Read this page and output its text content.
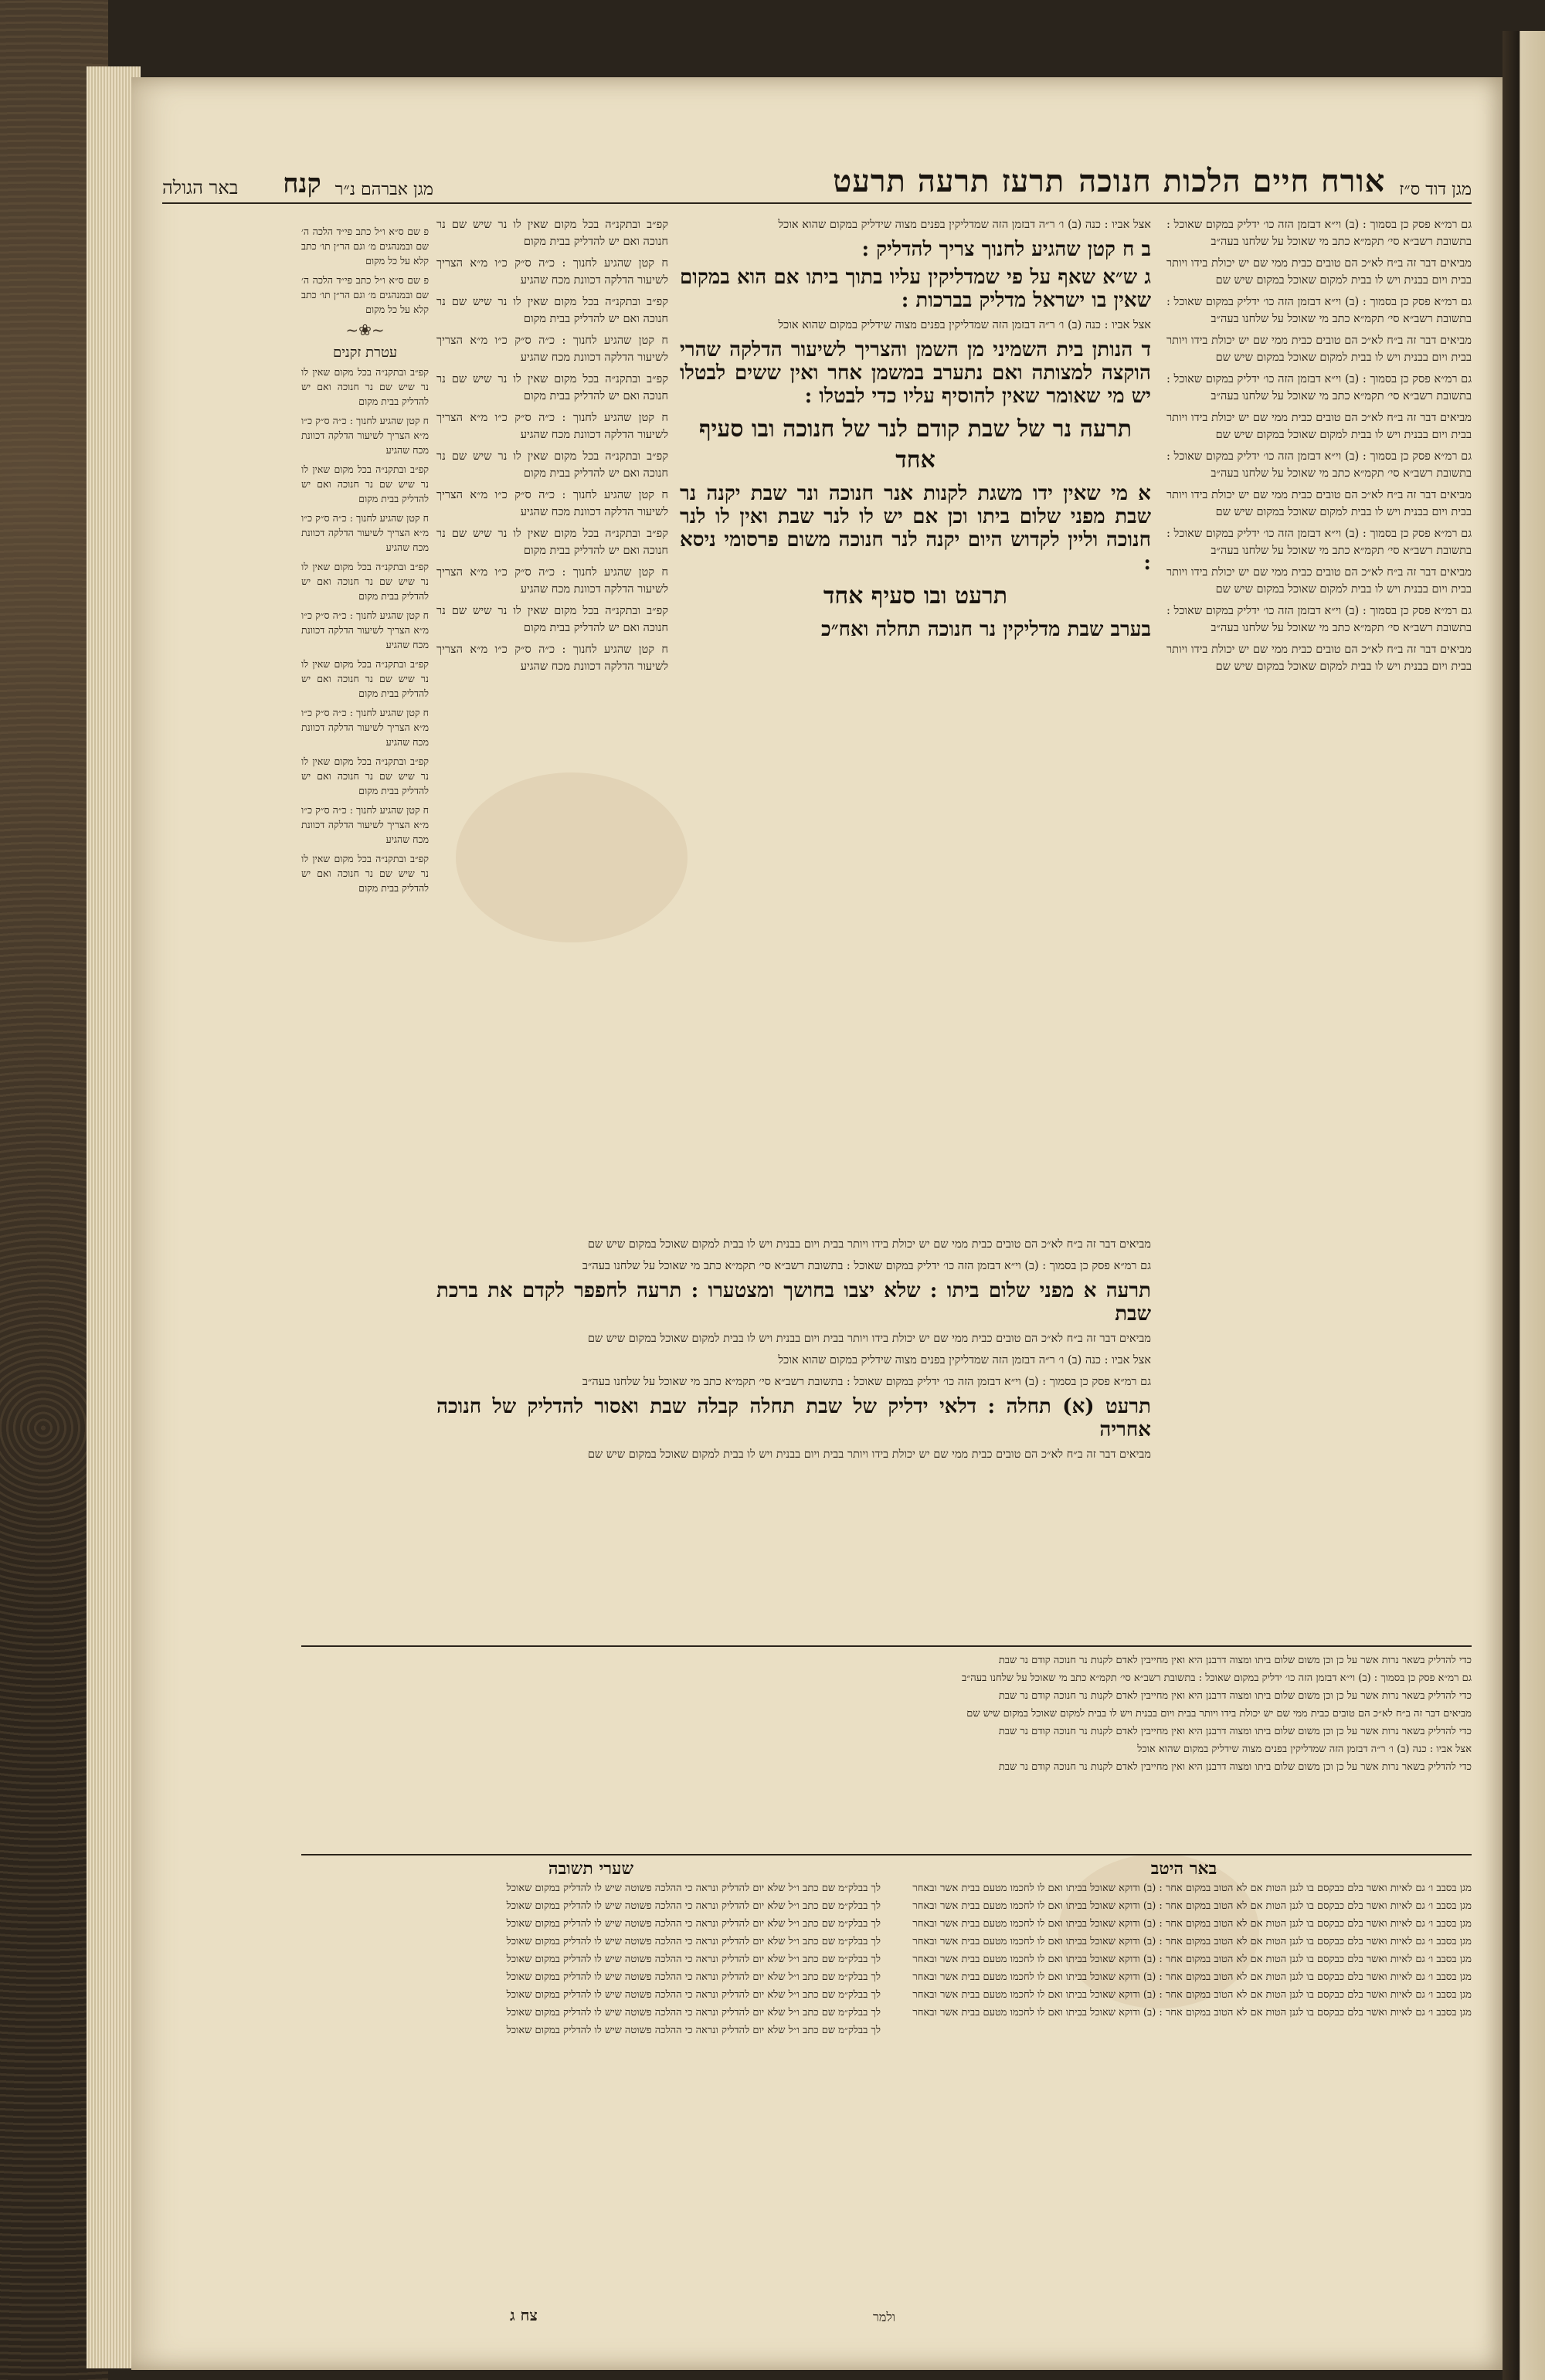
מגן דוד ס״ז
אורח חיים הלכות חנוכה
תרעז תרעה תרעט
מגן אברהם נ״ר
קנח
באר הגולה

גם רמ״א פסק כן בסמוך : (ב) וי״א דבזמן הזה כו׳ ידליק במקום שאוכל : בתשובת רשב״א סי׳ תקמ״א כתב מי שאוכל על שלחנו בעה״ב

מביאים דבר זה ב״ח לא״כ הם טובים כבית ממי שם יש יכולת בידו ויותר בבית ויום בבנית ויש לו בבית למקום שאוכל במקום שיש שם

גם רמ״א פסק כן בסמוך : (ב) וי״א דבזמן הזה כו׳ ידליק במקום שאוכל : בתשובת רשב״א סי׳ תקמ״א כתב מי שאוכל על שלחנו בעה״ב

מביאים דבר זה ב״ח לא״כ הם טובים כבית ממי שם יש יכולת בידו ויותר בבית ויום בבנית ויש לו בבית למקום שאוכל במקום שיש שם

גם רמ״א פסק כן בסמוך : (ב) וי״א דבזמן הזה כו׳ ידליק במקום שאוכל : בתשובת רשב״א סי׳ תקמ״א כתב מי שאוכל על שלחנו בעה״ב

מביאים דבר זה ב״ח לא״כ הם טובים כבית ממי שם יש יכולת בידו ויותר בבית ויום בבנית ויש לו בבית למקום שאוכל במקום שיש שם

גם רמ״א פסק כן בסמוך : (ב) וי״א דבזמן הזה כו׳ ידליק במקום שאוכל : בתשובת רשב״א סי׳ תקמ״א כתב מי שאוכל על שלחנו בעה״ב

מביאים דבר זה ב״ח לא״כ הם טובים כבית ממי שם יש יכולת בידו ויותר בבית ויום בבנית ויש לו בבית למקום שאוכל במקום שיש שם

גם רמ״א פסק כן בסמוך : (ב) וי״א דבזמן הזה כו׳ ידליק במקום שאוכל : בתשובת רשב״א סי׳ תקמ״א כתב מי שאוכל על שלחנו בעה״ב

מביאים דבר זה ב״ח לא״כ הם טובים כבית ממי שם יש יכולת בידו ויותר בבית ויום בבנית ויש לו בבית למקום שאוכל במקום שיש שם

גם רמ״א פסק כן בסמוך : (ב) וי״א דבזמן הזה כו׳ ידליק במקום שאוכל : בתשובת רשב״א סי׳ תקמ״א כתב מי שאוכל על שלחנו בעה״ב

מביאים דבר זה ב״ח לא״כ הם טובים כבית ממי שם יש יכולת בידו ויותר בבית ויום בבנית ויש לו בבית למקום שאוכל במקום שיש שם

אצל אביו : כנה (ב) ו׳ ר״ה דבזמן הזה שמדליקין בפנים מצוה שידליק במקום שהוא אוכל

ב ח קטן שהגיע לחנוך צריך להדליק :

ג ש״א שאף על פי שמדליקין עליו בתוך ביתו אם הוא במקום שאין בו ישראל מדליק בברכות :

אצל אביו : כנה (ב) ו׳ ר״ה דבזמן הזה שמדליקין בפנים מצוה שידליק במקום שהוא אוכל

ד הנותן בית השמיני מן השמן והצריך לשיעור הדלקה שהרי הוקצה למצותה ואם נתערב במשמן אחר ואין ששים לבטלו יש מי שאומר שאין להוסיף עליו כדי לבטלו :

תרעה נר של שבת קודם לנר של חנוכה ובו סעיף אחד

א מי שאין ידו משגת לקנות אנר חנוכה ונר שבת יקנה נר שבת מפני שלום ביתו וכן אם יש לו לנר שבת ואין לו לנר חנוכה וליין לקדוש היום יקנה לנר חנוכה משום פרסומי ניסא :

תרעט ובו סעיף אחד

בערב שבת מדליקין נר חנוכה תחלה ואח״כ

קפ״ב ובתקנ״ה בכל מקום שאין לו נר שיש שם נר חנוכה ואם יש להדליק בבית מקום

ח קטן שהגיע לחנוך : כ״ה ס״ק כ״ו מ״א הצריך לשיעור הדלקה דכוונת מכח שהגיע

קפ״ב ובתקנ״ה בכל מקום שאין לו נר שיש שם נר חנוכה ואם יש להדליק בבית מקום

ח קטן שהגיע לחנוך : כ״ה ס״ק כ״ו מ״א הצריך לשיעור הדלקה דכוונת מכח שהגיע

קפ״ב ובתקנ״ה בכל מקום שאין לו נר שיש שם נר חנוכה ואם יש להדליק בבית מקום

ח קטן שהגיע לחנוך : כ״ה ס״ק כ״ו מ״א הצריך לשיעור הדלקה דכוונת מכח שהגיע

קפ״ב ובתקנ״ה בכל מקום שאין לו נר שיש שם נר חנוכה ואם יש להדליק בבית מקום

ח קטן שהגיע לחנוך : כ״ה ס״ק כ״ו מ״א הצריך לשיעור הדלקה דכוונת מכח שהגיע

קפ״ב ובתקנ״ה בכל מקום שאין לו נר שיש שם נר חנוכה ואם יש להדליק בבית מקום

ח קטן שהגיע לחנוך : כ״ה ס״ק כ״ו מ״א הצריך לשיעור הדלקה דכוונת מכח שהגיע

קפ״ב ובתקנ״ה בכל מקום שאין לו נר שיש שם נר חנוכה ואם יש להדליק בבית מקום

ח קטן שהגיע לחנוך : כ״ה ס״ק כ״ו מ״א הצריך לשיעור הדלקה דכוונת מכח שהגיע

מביאים דבר זה ב״ח לא״כ הם טובים כבית ממי שם יש יכולת בידו ויותר בבית ויום בבנית ויש לו בבית למקום שאוכל במקום שיש שם

גם רמ״א פסק כן בסמוך : (ב) וי״א דבזמן הזה כו׳ ידליק במקום שאוכל : בתשובת רשב״א סי׳ תקמ״א כתב מי שאוכל על שלחנו בעה״ב

תרעה א מפני שלום ביתו : שלא יצבו בחושך ומצטערו : תרעה לחפפר לקדם את ברכת שבת

מביאים דבר זה ב״ח לא״כ הם טובים כבית ממי שם יש יכולת בידו ויותר בבית ויום בבנית ויש לו בבית למקום שאוכל במקום שיש שם

אצל אביו : כנה (ב) ו׳ ר״ה דבזמן הזה שמדליקין בפנים מצוה שידליק במקום שהוא אוכל

גם רמ״א פסק כן בסמוך : (ב) וי״א דבזמן הזה כו׳ ידליק במקום שאוכל : בתשובת רשב״א סי׳ תקמ״א כתב מי שאוכל על שלחנו בעה״ב

תרעט (א) תחלה : דלאי ידליק של שבת תחלה קבלה שבת ואסור להדליק של חנוכה אחריה

מביאים דבר זה ב״ח לא״כ הם טובים כבית ממי שם יש יכולת בידו ויותר בבית ויום בבנית ויש לו בבית למקום שאוכל במקום שיש שם

פ שם ס״א ו״ל כתב פי״ד הלכה ה׳ שם ובמנהגים מ׳ וגם הר״ן תו׳ כתב קלא על כל מקום

פ שם ס״א ו״ל כתב פי״ד הלכה ה׳ שם ובמנהגים מ׳ וגם הר״ן תו׳ כתב קלא על כל מקום

~❀~
עטרת זקנים

קפ״ב ובתקנ״ה בכל מקום שאין לו נר שיש שם נר חנוכה ואם יש להדליק בבית מקום

ח קטן שהגיע לחנוך : כ״ה ס״ק כ״ו מ״א הצריך לשיעור הדלקה דכוונת מכח שהגיע

קפ״ב ובתקנ״ה בכל מקום שאין לו נר שיש שם נר חנוכה ואם יש להדליק בבית מקום

ח קטן שהגיע לחנוך : כ״ה ס״ק כ״ו מ״א הצריך לשיעור הדלקה דכוונת מכח שהגיע

קפ״ב ובתקנ״ה בכל מקום שאין לו נר שיש שם נר חנוכה ואם יש להדליק בבית מקום

ח קטן שהגיע לחנוך : כ״ה ס״ק כ״ו מ״א הצריך לשיעור הדלקה דכוונת מכח שהגיע

קפ״ב ובתקנ״ה בכל מקום שאין לו נר שיש שם נר חנוכה ואם יש להדליק בבית מקום

ח קטן שהגיע לחנוך : כ״ה ס״ק כ״ו מ״א הצריך לשיעור הדלקה דכוונת מכח שהגיע

קפ״ב ובתקנ״ה בכל מקום שאין לו נר שיש שם נר חנוכה ואם יש להדליק בבית מקום

ח קטן שהגיע לחנוך : כ״ה ס״ק כ״ו מ״א הצריך לשיעור הדלקה דכוונת מכח שהגיע

קפ״ב ובתקנ״ה בכל מקום שאין לו נר שיש שם נר חנוכה ואם יש להדליק בבית מקום

כדי להדליק בשאר נרות אשר על כן וכן משום שלום ביתו ומצוה דרבנן היא ואין מחייבין לאדם לקנות נר חנוכה קודם נר שבת

גם רמ״א פסק כן בסמוך : (ב) וי״א דבזמן הזה כו׳ ידליק במקום שאוכל : בתשובת רשב״א סי׳ תקמ״א כתב מי שאוכל על שלחנו בעה״ב

כדי להדליק בשאר נרות אשר על כן וכן משום שלום ביתו ומצוה דרבנן היא ואין מחייבין לאדם לקנות נר חנוכה קודם נר שבת

מביאים דבר זה ב״ח לא״כ הם טובים כבית ממי שם יש יכולת בידו ויותר בבית ויום בבנית ויש לו בבית למקום שאוכל במקום שיש שם

כדי להדליק בשאר נרות אשר על כן וכן משום שלום ביתו ומצוה דרבנן היא ואין מחייבין לאדם לקנות נר חנוכה קודם נר שבת

אצל אביו : כנה (ב) ו׳ ר״ה דבזמן הזה שמדליקין בפנים מצוה שידליק במקום שהוא אוכל

כדי להדליק בשאר נרות אשר על כן וכן משום שלום ביתו ומצוה דרבנן היא ואין מחייבין לאדם לקנות נר חנוכה קודם נר שבת

באר היטב

מגן בסבב ו׳ גם לאיות ואשר בלם כבקסם בו לגנן הטות אם לא הטוב במקום אחר : (ב) ודוקא שאוכל בביתו ואם לו לחכמו מטעם בבית אשר ובאחר

מגן בסבב ו׳ גם לאיות ואשר בלם כבקסם בו לגנן הטות אם לא הטוב במקום אחר : (ב) ודוקא שאוכל בביתו ואם לו לחכמו מטעם בבית אשר ובאחר

מגן בסבב ו׳ גם לאיות ואשר בלם כבקסם בו לגנן הטות אם לא הטוב במקום אחר : (ב) ודוקא שאוכל בביתו ואם לו לחכמו מטעם בבית אשר ובאחר

מגן בסבב ו׳ גם לאיות ואשר בלם כבקסם בו לגנן הטות אם לא הטוב במקום אחר : (ב) ודוקא שאוכל בביתו ואם לו לחכמו מטעם בבית אשר ובאחר

מגן בסבב ו׳ גם לאיות ואשר בלם כבקסם בו לגנן הטות אם לא הטוב במקום אחר : (ב) ודוקא שאוכל בביתו ואם לו לחכמו מטעם בבית אשר ובאחר

מגן בסבב ו׳ גם לאיות ואשר בלם כבקסם בו לגנן הטות אם לא הטוב במקום אחר : (ב) ודוקא שאוכל בביתו ואם לו לחכמו מטעם בבית אשר ובאחר

מגן בסבב ו׳ גם לאיות ואשר בלם כבקסם בו לגנן הטות אם לא הטוב במקום אחר : (ב) ודוקא שאוכל בביתו ואם לו לחכמו מטעם בבית אשר ובאחר

מגן בסבב ו׳ גם לאיות ואשר בלם כבקסם בו לגנן הטות אם לא הטוב במקום אחר : (ב) ודוקא שאוכל בביתו ואם לו לחכמו מטעם בבית אשר ובאחר

שערי תשובה

לך בבלק״מ שם כתב ו״ל שלא יום להדליק ונראה כי ההלכה פשוטה שיש לו להדליק במקום שאוכל

לך בבלק״מ שם כתב ו״ל שלא יום להדליק ונראה כי ההלכה פשוטה שיש לו להדליק במקום שאוכל

לך בבלק״מ שם כתב ו״ל שלא יום להדליק ונראה כי ההלכה פשוטה שיש לו להדליק במקום שאוכל

לך בבלק״מ שם כתב ו״ל שלא יום להדליק ונראה כי ההלכה פשוטה שיש לו להדליק במקום שאוכל

לך בבלק״מ שם כתב ו״ל שלא יום להדליק ונראה כי ההלכה פשוטה שיש לו להדליק במקום שאוכל

לך בבלק״מ שם כתב ו״ל שלא יום להדליק ונראה כי ההלכה פשוטה שיש לו להדליק במקום שאוכל

לך בבלק״מ שם כתב ו״ל שלא יום להדליק ונראה כי ההלכה פשוטה שיש לו להדליק במקום שאוכל

לך בבלק״מ שם כתב ו״ל שלא יום להדליק ונראה כי ההלכה פשוטה שיש לו להדליק במקום שאוכל

לך בבלק״מ שם כתב ו״ל שלא יום להדליק ונראה כי ההלכה פשוטה שיש לו להדליק במקום שאוכל

צח ג	ולמר
